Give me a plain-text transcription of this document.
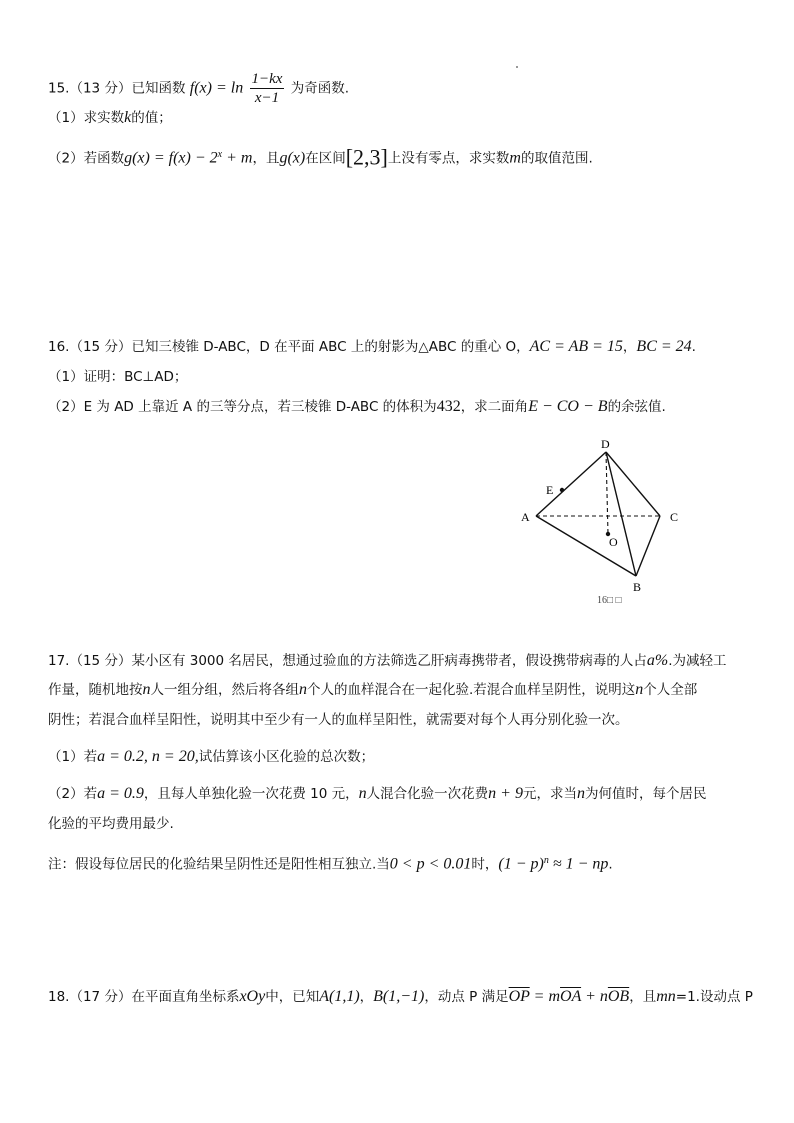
15.（13 分）已知函数 $f(x) = \ln \frac{1-kx}{x-1}$ 为奇函数.
（1）求实数k的值；
（2）若函数$g(x) = f(x) - 2^x + m$，且g(x)在区间[2,3]上没有零点，求实数m的取值范围.
16.（15 分）已知三棱锥 D-ABC，D 在平面 ABC 上的射影为△ABC 的重心 O，AC = AB = 15，BC = 24.
（1）证明：BC⊥AD；
（2）E 为 AD 上靠近 A 的三等分点，若三棱锥 D-ABC 的体积为432，求二面角E − CO − B的余弦值.
D
E
A	C
O
B
16□ □
17.（15 分）某小区有 3000 名居民，想通过验血的方法筛选乙肝病毒携带者，假设携带病毒的人占a%.为减轻工
作量，随机地按n人一组分组，然后将各组n个人的血样混合在一起化验.若混合血样呈阴性，说明这n个人全部
阴性；若混合血样呈阳性，说明其中至少有一人的血样呈阳性，就需要对每个人再分别化验一次。
（1）若a = 0.2, n = 20,试估算该小区化验的总次数；
（2）若a = 0.9，且每人单独化验一次花费 10 元，n人混合化验一次花费n + 9元，求当n为何值时，每个居民
化验的平均费用最少.
注：假设每位居民的化验结果呈阴性还是阳性相互独立.当0 < p < 0.01时，$(1 - p)^n \approx 1$ − np.
18.（17 分）在平面直角坐标系xOy中，已知A(1,1)，B(1,−1)，动点 P 满足$\overline{OP} = m\overline{OA} + n\overline{OB}$，且mn=1.设动点 P
